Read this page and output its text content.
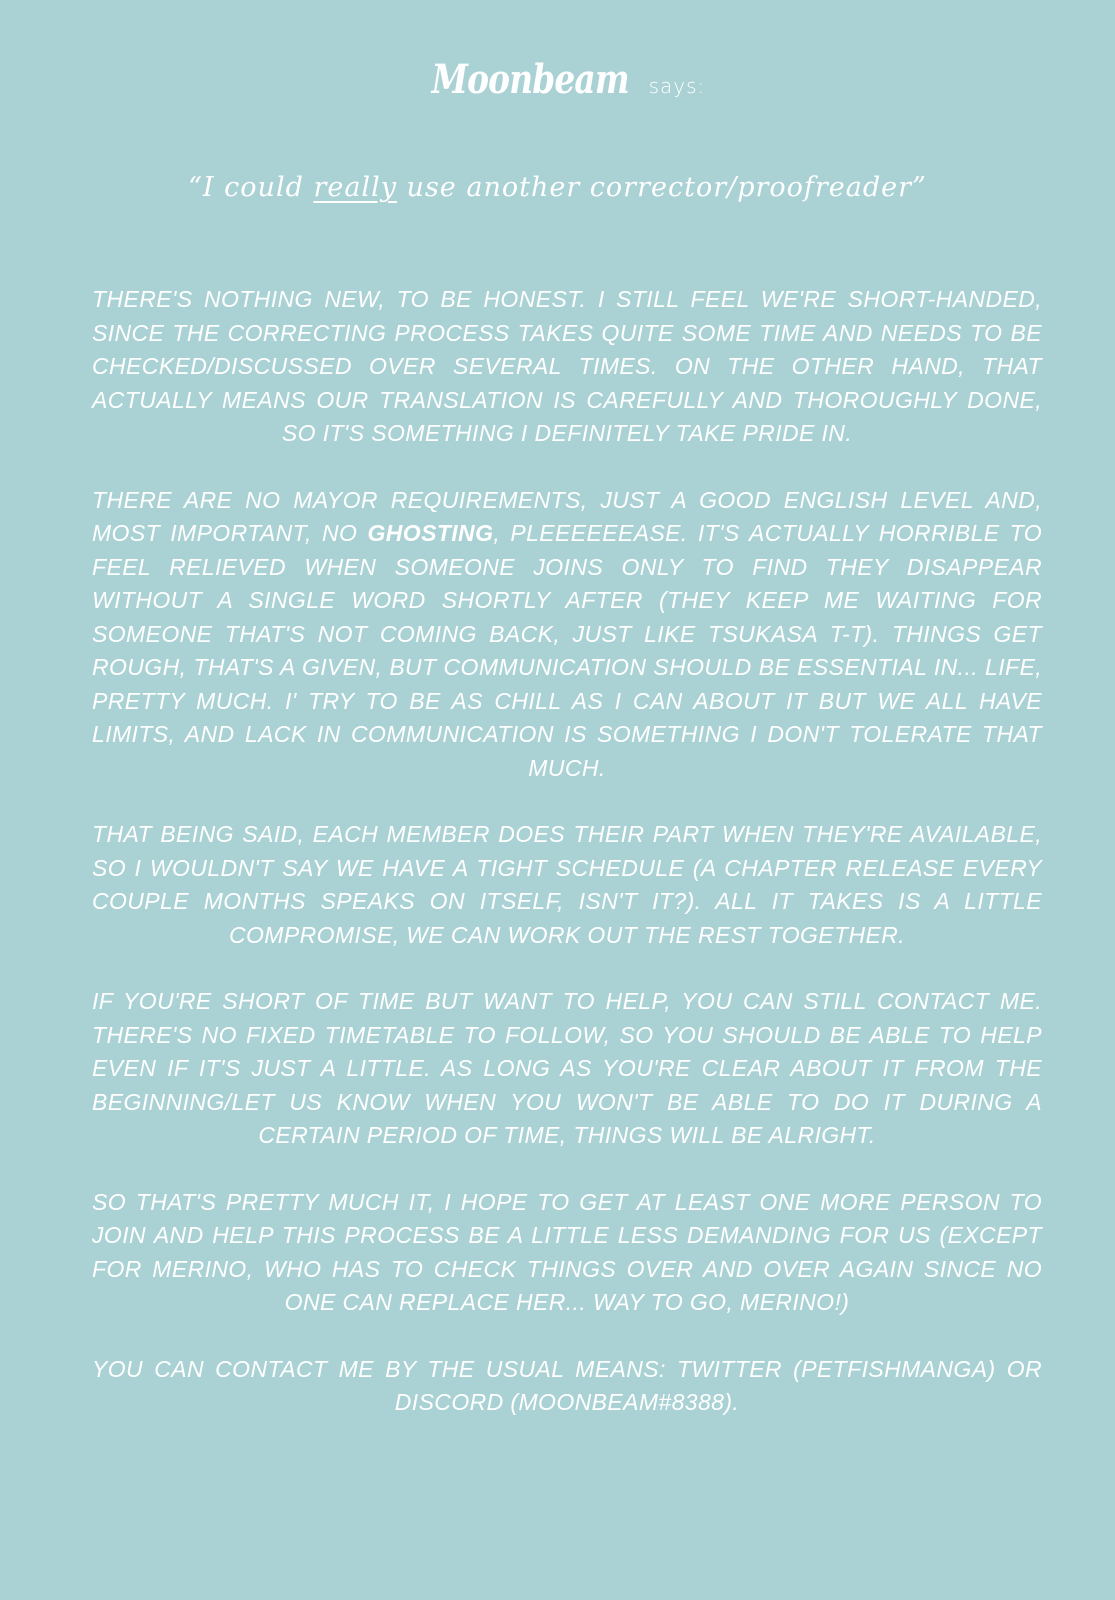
Moonbeam says:
“I could really use another corrector/proofreader”

THERE'S NOTHING NEW, TO BE HONEST. I STILL FEEL WE'RE SHORT-HANDED, SINCE THE CORRECTING PROCESS TAKES QUITE SOME TIME AND NEEDS TO BE CHECKED/DISCUSSED OVER SEVERAL TIMES. ON THE OTHER HAND, THAT ACTUALLY MEANS OUR TRANSLATION IS CAREFULLY AND THOROUGHLY DONE, SO IT'S SOMETHING I DEFINITELY TAKE PRIDE IN.

THERE ARE NO MAYOR REQUIREMENTS, JUST A GOOD ENGLISH LEVEL AND, MOST IMPORTANT, NO GHOSTING, PLEEEEEEASE. IT'S ACTUALLY HORRIBLE TO FEEL RELIEVED WHEN SOMEONE JOINS ONLY TO FIND THEY DISAPPEAR WITHOUT A SINGLE WORD SHORTLY AFTER (THEY KEEP ME WAITING FOR SOMEONE THAT'S NOT COMING BACK, JUST LIKE TSUKASA T-T). THINGS GET ROUGH, THAT'S A GIVEN, BUT COMMUNICATION SHOULD BE ESSENTIAL IN... LIFE, PRETTY MUCH. I' TRY TO BE AS CHILL AS I CAN ABOUT IT BUT WE ALL HAVE LIMITS, AND LACK IN COMMUNICATION IS SOMETHING I DON'T TOLERATE THAT MUCH.

THAT BEING SAID, EACH MEMBER DOES THEIR PART WHEN THEY'RE AVAILABLE, SO I WOULDN'T SAY WE HAVE A TIGHT SCHEDULE (A CHAPTER RELEASE EVERY COUPLE MONTHS SPEAKS ON ITSELF, ISN'T IT?). ALL IT TAKES IS A LITTLE COMPROMISE, WE CAN WORK OUT THE REST TOGETHER.

IF YOU'RE SHORT OF TIME BUT WANT TO HELP, YOU CAN STILL CONTACT ME. THERE'S NO FIXED TIMETABLE TO FOLLOW, SO YOU SHOULD BE ABLE TO HELP EVEN IF IT'S JUST A LITTLE. AS LONG AS YOU'RE CLEAR ABOUT IT FROM THE BEGINNING/LET US KNOW WHEN YOU WON'T BE ABLE TO DO IT DURING A CERTAIN PERIOD OF TIME, THINGS WILL BE ALRIGHT.

SO THAT'S PRETTY MUCH IT, I HOPE TO GET AT LEAST ONE MORE PERSON TO JOIN AND HELP THIS PROCESS BE A LITTLE LESS DEMANDING FOR US (EXCEPT FOR MERINO, WHO HAS TO CHECK THINGS OVER AND OVER AGAIN SINCE NO ONE CAN REPLACE HER... WAY TO GO, MERINO!)

YOU CAN CONTACT ME BY THE USUAL MEANS: TWITTER (PETFISHMANGA) OR DISCORD (MOONBEAM#8388).
